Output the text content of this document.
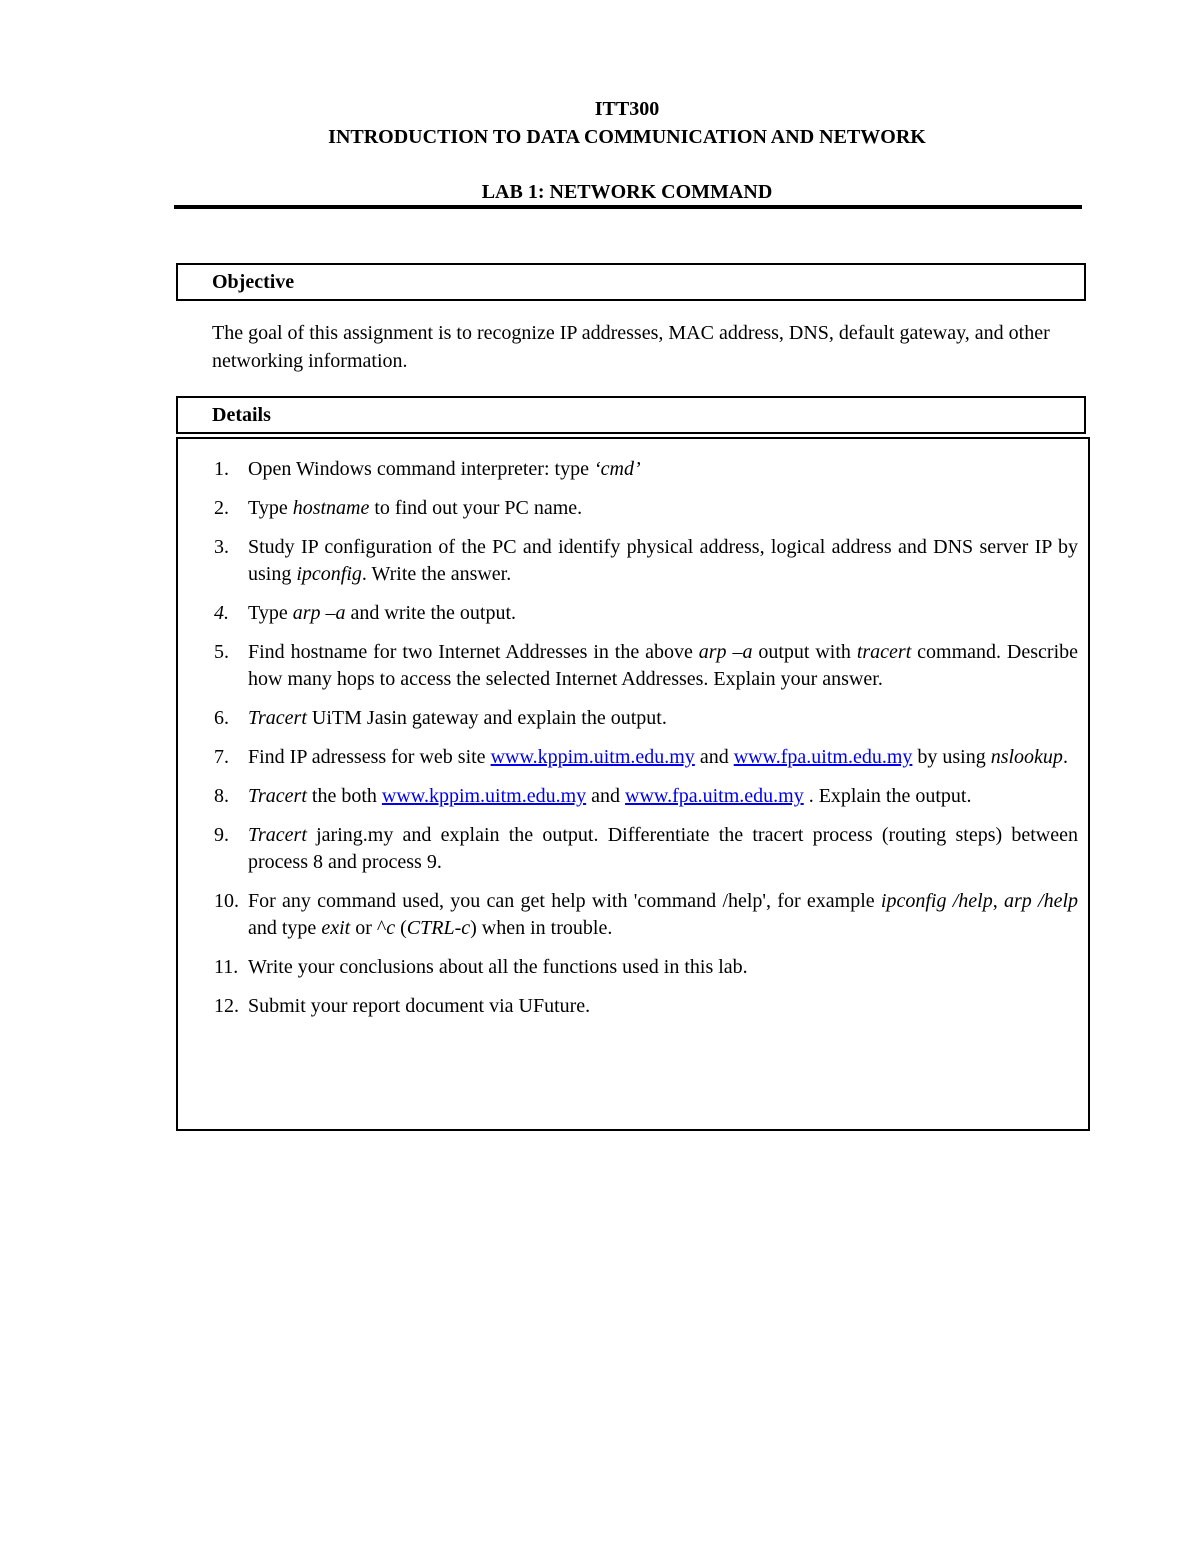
ITT300
INTRODUCTION TO DATA COMMUNICATION AND NETWORK
LAB 1: NETWORK COMMAND
Objective
The goal of this assignment is to recognize IP addresses, MAC address, DNS, default gateway, and other networking information.
Details
1. Open Windows command interpreter: type ‘cmd’
2. Type hostname to find out your PC name.
3. Study IP configuration of the PC and identify physical address, logical address and DNS server IP by using ipconfig. Write the answer.
4. Type arp –a and write the output.
5. Find hostname for two Internet Addresses in the above arp –a output with tracert command. Describe how many hops to access the selected Internet Addresses. Explain your answer.
6. Tracert UiTM Jasin gateway and explain the output.
7. Find IP adressess for web site www.kppim.uitm.edu.my and www.fpa.uitm.edu.my by using nslookup.
8. Tracert the both www.kppim.uitm.edu.my and www.fpa.uitm.edu.my . Explain the output.
9. Tracert jaring.my and explain the output. Differentiate the tracert process (routing steps) between process 8 and process 9.
10. For any command used, you can get help with 'command /help', for example ipconfig /help, arp /help and type exit or ^c (CTRL-c) when in trouble.
11. Write your conclusions about all the functions used in this lab.
12. Submit your report document via UFuture.
